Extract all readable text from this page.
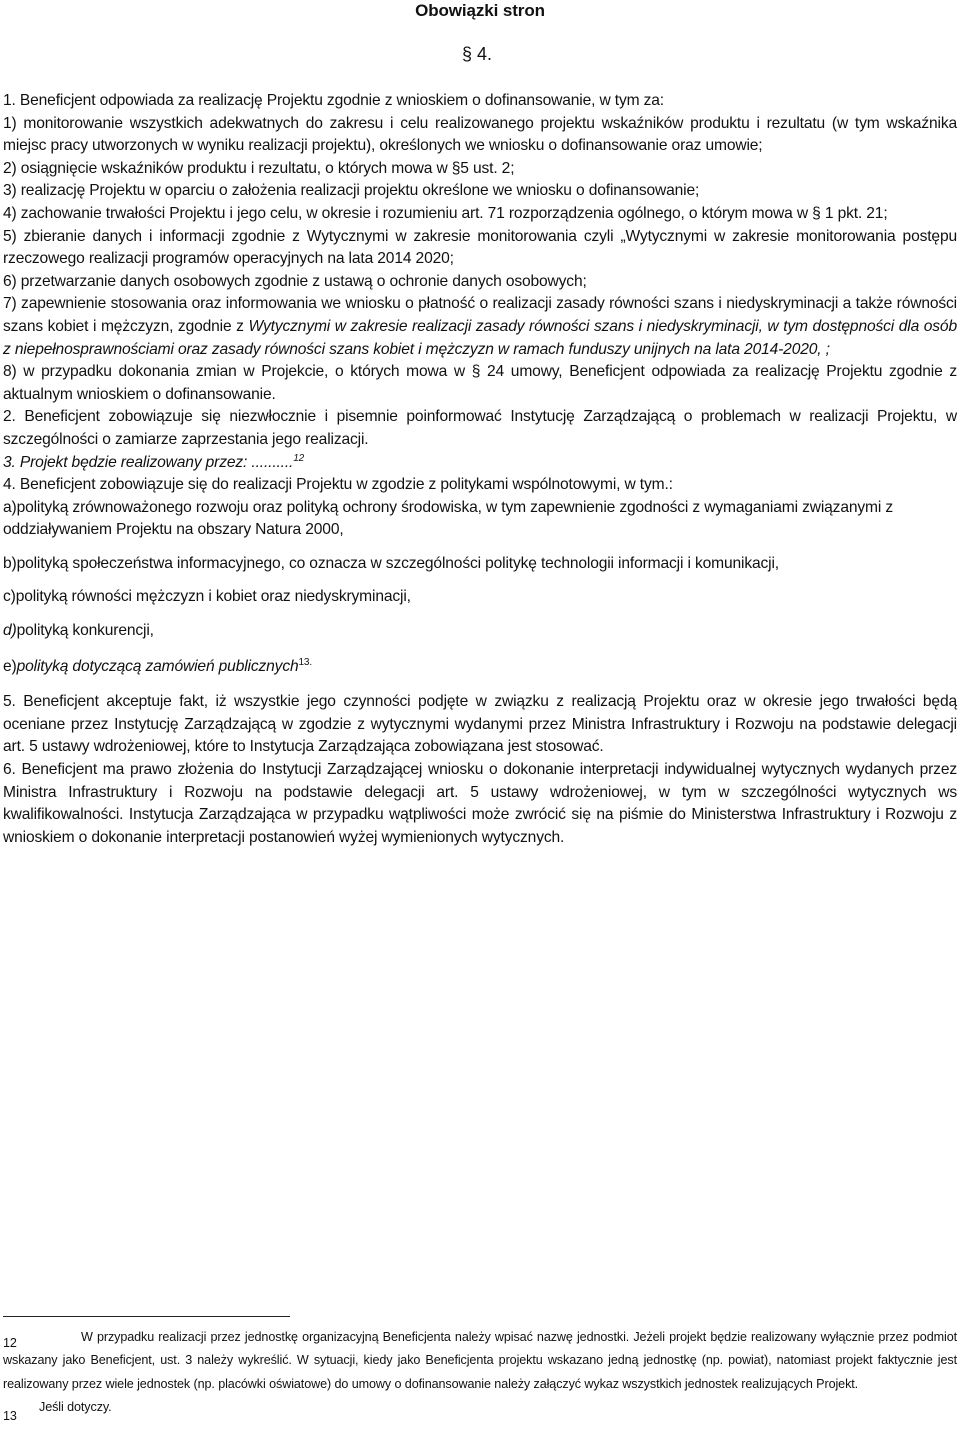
Obowiązki stron
§ 4.

1. Beneficjent odpowiada za realizację Projektu zgodnie z wnioskiem o dofinansowanie, w tym za:

1) monitorowanie wszystkich adekwatnych do zakresu i celu realizowanego projektu wskaźników produktu i rezultatu (w tym wskaźnika miejsc pracy utworzonych w wyniku realizacji projektu), określonych we wniosku o dofinansowanie oraz umowie;

2) osiągnięcie wskaźników produktu i rezultatu, o których mowa w §5 ust. 2;

3) realizację Projektu w oparciu o założenia realizacji projektu określone we wniosku o dofinansowanie;

4) zachowanie trwałości Projektu i jego celu, w okresie i rozumieniu art. 71 rozporządzenia ogólnego, o którym mowa w § 1 pkt. 21;

5) zbieranie danych i informacji zgodnie z Wytycznymi w zakresie monitorowania czyli „Wytycznymi w zakresie monitorowania postępu rzeczowego realizacji programów operacyjnych na lata 2014 2020;

6) przetwarzanie danych osobowych zgodnie z ustawą o ochronie danych osobowych;

7) zapewnienie stosowania oraz informowania we wniosku o płatność o realizacji zasady równości szans i niedyskryminacji a także równości szans kobiet i mężczyzn, zgodnie z Wytycznymi w zakresie realizacji zasady równości szans i niedyskryminacji, w tym dostępności dla osób z niepełnosprawnościami oraz zasady równości szans kobiet i mężczyzn w ramach funduszy unijnych na lata 2014-2020, ;

8) w przypadku dokonania zmian w Projekcie, o których mowa w § 24 umowy, Beneficjent odpowiada za realizację Projektu zgodnie z aktualnym wnioskiem o dofinansowanie.

2. Beneficjent zobowiązuje się niezwłocznie i pisemnie poinformować Instytucję Zarządzającą o problemach w realizacji Projektu, w szczególności o zamiarze zaprzestania jego realizacji.

3. Projekt będzie realizowany przez: ..........$^{12}$

4. Beneficjent zobowiązuje się do realizacji Projektu w zgodzie z politykami wspólnotowymi, w tym.:

a)polityką zrównoważonego rozwoju oraz polityką ochrony środowiska, w tym zapewnienie zgodności z wymaganiami związanymi z oddziaływaniem Projektu na obszary Natura 2000,

b)polityką społeczeństwa informacyjnego, co oznacza w szczególności politykę technologii informacji i komunikacji,

c)polityką równości mężczyzn i kobiet oraz niedyskryminacji,

d)polityką konkurencji,

e)polityką dotyczącą zamówień publicznych$^{13.}$

5. Beneficjent akceptuje fakt, iż wszystkie jego czynności podjęte w związku z realizacją Projektu oraz w okresie jego trwałości będą oceniane przez Instytucję Zarządzającą w zgodzie z wytycznymi wydanymi przez Ministra Infrastruktury i Rozwoju na podstawie delegacji art. 5 ustawy wdrożeniowej, które to Instytucja Zarządzająca zobowiązana jest stosować.

6. Beneficjent ma prawo złożenia do Instytucji Zarządzającej wniosku o dokonanie interpretacji indywidualnej wytycznych wydanych przez Ministra Infrastruktury i Rozwoju na podstawie delegacji art. 5 ustawy wdrożeniowej, w tym w szczególności wytycznych ws kwalifikowalności. Instytucja Zarządzająca w przypadku wątpliwości może zwrócić się na piśmie do Ministerstwa Infrastruktury i Rozwoju z wnioskiem o dokonanie interpretacji postanowień wyżej wymienionych wytycznych.

12	W przypadku realizacji przez jednostkę organizacyjną Beneficjenta należy wpisać nazwę jednostki. Jeżeli projekt będzie realizowany wyłącznie przez podmiot wskazany jako Beneficjent, ust. 3 należy wykreślić. W sytuacji, kiedy jako Beneficjenta projektu wskazano jedną jednostkę (np. powiat), natomiast projekt faktycznie jest realizowany przez wiele jednostek (np. placówki oświatowe) do umowy o dofinansowanie należy załączyć wykaz wszystkich jednostek realizujących Projekt.

13Jeśli dotyczy.
